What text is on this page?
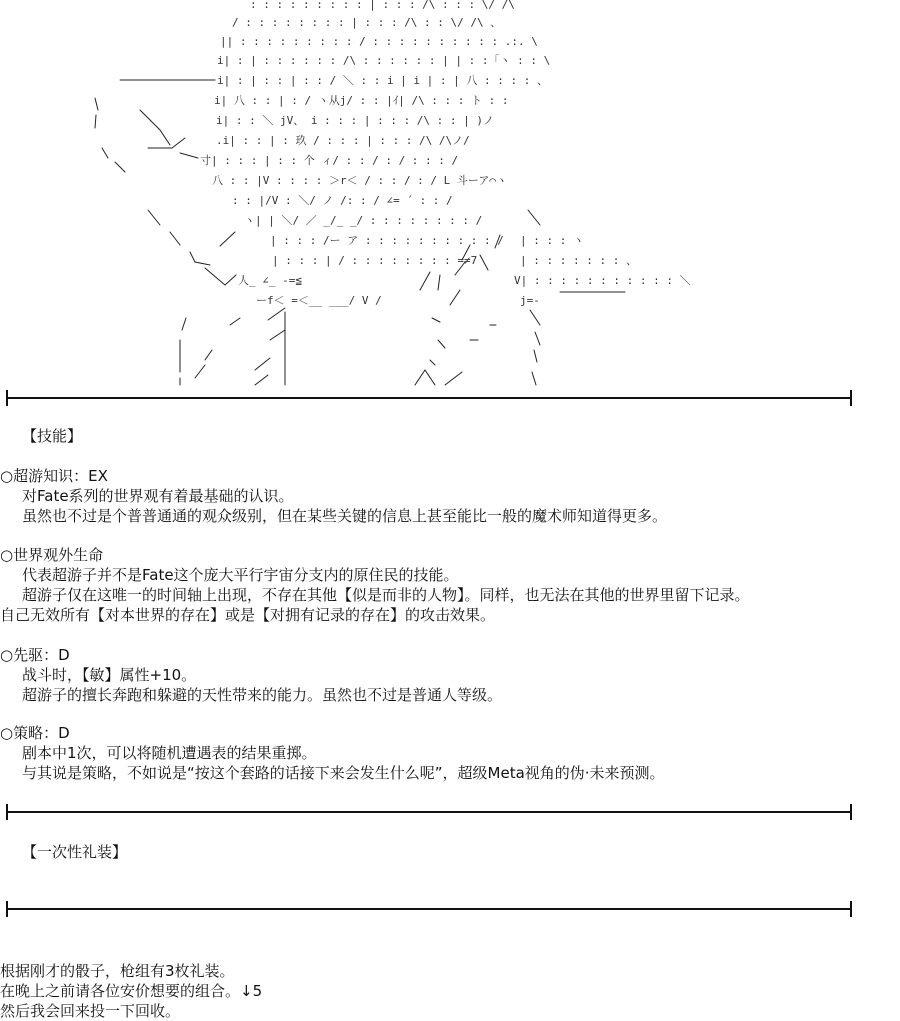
: : : : : : : : : | : : : /\ : : : \/ /\
/ : : : : : : : : | : : : /\ : : \/ /\ 、
|| : : : : : : : : : / : : : : : : : : : : .:. \
i| : | : : : : : : /\ : : : : : : | | : :「ヽ : : \
i| : | : : | : : / ＼ : : i | i | : | 八 : : : : 、
i| 八 : : | : / ヽ从j/ : : |ｲ| /\ : : : ト : :
i| : : ＼ jV、 i : : : | : : : /\ : : | )ノ
.i| : : | : 玖 / : : : | : : : /\ /\ノ/
寸| : : : | : : 个 ィ/ : : / : / : : : /
八 : : |V : : : : ＞r＜ / : : / : / L 斗ーア⌒ヽ
: : |/V : ＼/ ノ /: : / ∠= ´ : : /
ヽ| | ＼/ ／ _/_ _/ : : : : : : : : /
| : : : /ー ア : : : : : : : : : : /
| : : : | / : : : : : : : : =≠7
人_ ∠_ -=≦
ーf＜ =＜__ ___/ V /
| : : : ヽ
| : : : : : : : 、
V| : : : : : : : : : : : ＼
j=-
【技能】
○超游知识：EX
对Fate系列的世界观有着最基础的认识。
虽然也不过是个普普通通的观众级别，但在某些关键的信息上甚至能比一般的魔术师知道得更多。
○世界观外生命
代表超游子并不是Fate这个庞大平行宇宙分支内的原住民的技能。
超游子仅在这唯一的时间轴上出现，不存在其他【似是而非的人物】。同样，也无法在其他的世界里留下记录。
自己无效所有【对本世界的存在】或是【对拥有记录的存在】的攻击效果。
○先驱：D
战斗时，【敏】属性+10。
超游子的擅长奔跑和躲避的天性带来的能力。虽然也不过是普通人等级。
○策略：D
剧本中1次，可以将随机遭遇表的结果重掷。
与其说是策略，不如说是“按这个套路的话接下来会发生什么呢”，超级Meta视角的伪·未来预测。
【一次性礼装】
根据刚才的骰子，枪组有3枚礼装。
在晚上之前请各位安价想要的组合。↓5
然后我会回来投一下回收。
